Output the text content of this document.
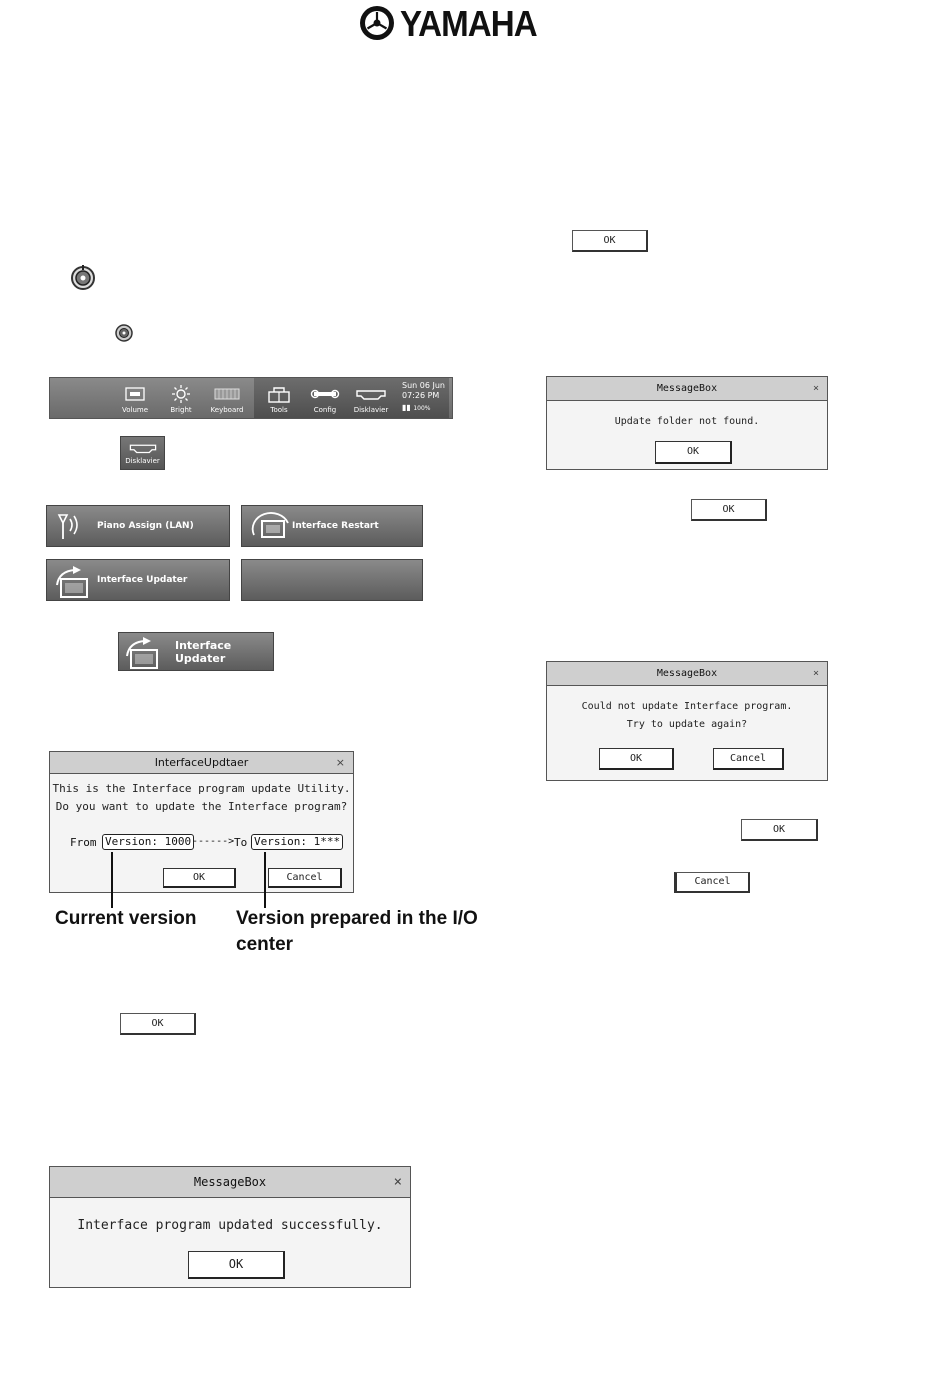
YAMAHA
Volume	Bright	Keyboard	Tools	Config	Disklavier
Sun 06 Jun
07:26 PM
▮▮ 100%
Disklavier
Piano Assign (LAN)	Interface Restart
Interface Updater
Interface Updater
InterfaceUpdtaer	×
This is the Interface program update Utility.
Do you want to update the Interface program?
From Version: 1000 ------> To Version: 1***
OK	Cancel
Current version Version prepared in the I/O
center
OK
MessageBox	×
Interface program updated successfully.
OK
OK
MessageBox	×
Update folder not found.
OK
OK
MessageBox	×
Could not update Interface program.
Try to update again?
OK	Cancel
OK
Cancel
